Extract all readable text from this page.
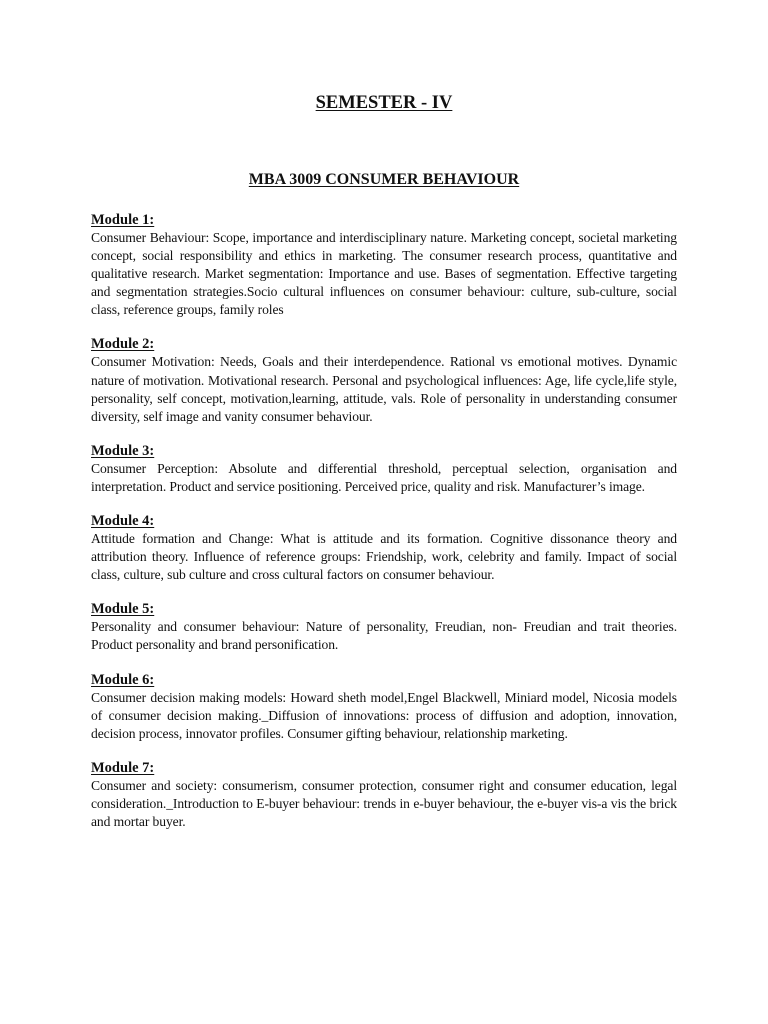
SEMESTER - IV
MBA 3009 CONSUMER BEHAVIOUR
Module 1:
Consumer Behaviour: Scope, importance and interdisciplinary nature. Marketing concept, societal marketing concept, social responsibility and ethics in marketing. The consumer research process, quantitative and qualitative research. Market segmentation: Importance and use. Bases of segmentation. Effective targeting and segmentation strategies.Socio cultural influences on consumer behaviour: culture, sub-culture, social class, reference groups, family roles
Module 2:
Consumer Motivation: Needs, Goals and their interdependence. Rational vs emotional motives. Dynamic nature of motivation. Motivational research. Personal and psychological influences: Age, life cycle,life style, personality, self concept, motivation,learning, attitude, vals. Role of personality in understanding consumer diversity, self image and vanity consumer behaviour.
Module 3:
Consumer Perception: Absolute and differential threshold, perceptual selection, organisation and interpretation. Product and service positioning. Perceived price, quality and risk. Manufacturer’s image.
Module 4:
Attitude formation and Change: What is attitude and its formation. Cognitive dissonance theory and attribution theory. Influence of reference groups: Friendship, work, celebrity and family. Impact of social class, culture, sub culture and cross cultural factors on consumer behaviour.
Module 5:
Personality and consumer behaviour: Nature of personality, Freudian, non- Freudian and trait theories. Product personality and brand personification.
Module 6:
Consumer decision making models: Howard sheth model,Engel Blackwell, Miniard model, Nicosia models of consumer decision making._Diffusion of innovations: process of diffusion and adoption, innovation, decision process, innovator profiles. Consumer gifting behaviour, relationship marketing.
Module 7:
Consumer and society: consumerism, consumer protection, consumer right and consumer education, legal consideration._Introduction to E-buyer behaviour: trends in e-buyer behaviour, the e-buyer vis-a vis the brick and mortar buyer.
